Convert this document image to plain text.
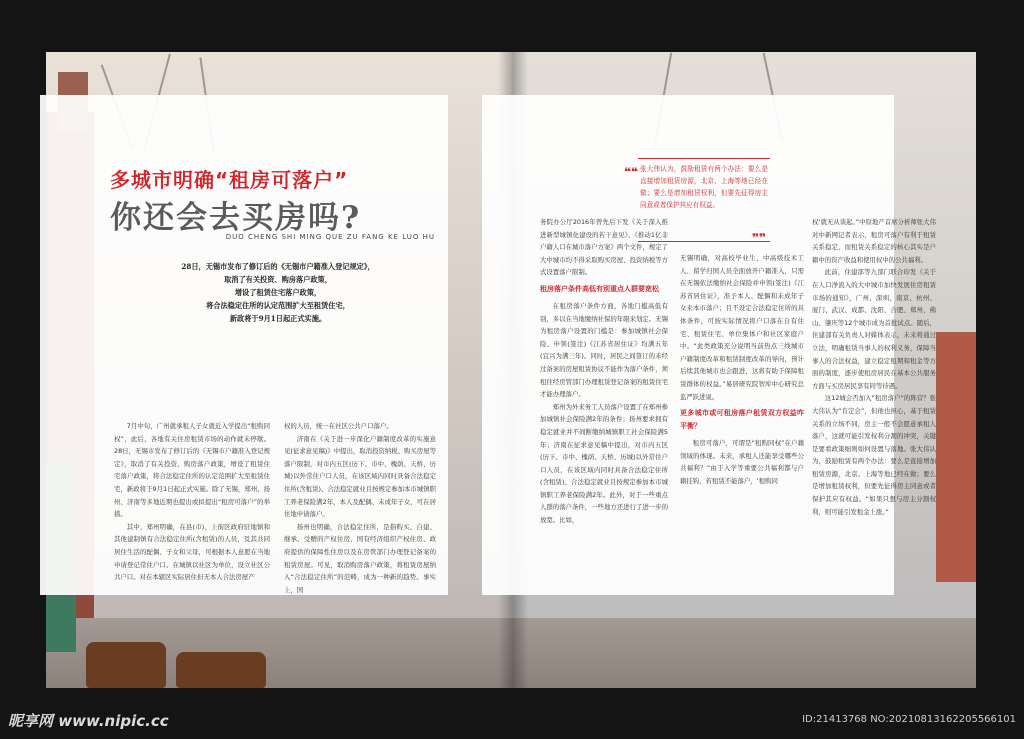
多城市明确“租房可落户”
你还会去买房吗?
DUO CHENG SHI MING QUE ZU FANG KE LUO HU
28日，无锡市发布了修订后的《无锡市户籍准入登记规定》，
取消了有关投资、购房落户政策，
增设了租赁住宅落户政策，
将合法稳定住所的认定范围扩大至租赁住宅，
新政将于9月1日起正式实施。

7月中旬，广州就承租人子女就近入学提出“租购同权”，此后，各地有关住房租赁市场的动作就未停歇。28日，无锡市发布了修订后的《无锡市户籍准入登记规定》，取消了有关投资、购房落户政策，增设了租赁住宅落户政策，将合法稳定住所的认定范围扩大至租赁住宅，新政将于9月1日起正式实施。除了无锡，郑州、扬州、济南等多地近期也提出或拟提出“租房可落户”的举措。

其中，郑州明确，在县(市)、上街区政府驻地镇和其他建制镇有合法稳定住所(含租赁)的人员，及其共同居住生活的配偶、子女和父母，可根据本人意愿在当地申请登记常住户口。在城镇以社区为单位，设立社区公共户口。对在本辖区实际居住但无本人合法房屋产

权的人员，统一在社区公共户口落户。

济南在《关于进一步深化户籍制度改革的实施意见(征求意见稿)》中提出，取消投资纳税、购买房屋等落户限制，对市内五区(历下、市中、槐荫、天桥、历城)以外常住户口人员，在该区域内同时具备合法稳定住所(含租赁)、合法稳定就业且按规定参加本市城镇职工养老保险满2年，本人及配偶、未成年子女，可在居住地申请落户。

扬州也明确，合法稳定住所，是指购买、自建、继承、受赠的产权住房、国有经济组织产权住房、政府提供的保障性住房以及在房管部门办理登记备案的租赁房屋。可见，取消购房落户政策，将租赁房屋纳入“合法稳定住所”的范畴，成为一种新的趋势。事实上，国

务院办公厅2016年曾先后下发《关于深入推进新型城镇化建设的若干意见》、《推动1亿非户籍人口在城市落户方案》两个文件，规定了大中城市均不得采取购买房屋、投资纳税等方式设置落户限制。

租房落户条件高低有别重点人群要宽松

在租房落户条件方面，各地门槛高低有别，多以在当地缴纳社保的年限来划定。无锡为租房落户设置的门槛是：参加城镇社会保险、申领(签注)《江苏省居住证》均满五年(宜兴为满三年)。同时，居民之间签订的未经过备案的房屋租赁协议不能作为落户条件，须租住经房管部门办理租赁登记备案的租赁住宅才能办理落户。

郑州为外来务工人员落户设置了在郑州参加城镇社会保险满2年的条件；扬州要求拥有稳定就业并不间断缴纳城镇职工社会保险满5年；济南在征求意见稿中提出，对市内五区(历下、市中、槐荫、天桥、历城)以外常住户口人员，在该区域内同时具备合法稳定住所(含租赁)、合法稳定就业且按规定参加本市城镇职工养老保险满2年。此外，对于一些重点人群的落户条件，一些地方还进行了进一步的放宽。比如，

张大伟认为，鼓励租赁有两个办法：要么是直接增加租赁房源，北京、上海等地已经在做；要么是增加租赁权利，但要先征得房主同意或者保护其应有权益。
❝❝
❞❞

无锡明确，对高校毕业生、中高级技术工人、留学归国人员全面放开户籍准入，只需在无锡依法缴纳社会保险并申领(签注)《江苏省居住证》，准予本人、配偶和未成年子女来本市落户；且不设定合法稳定住所的具体条件，可按实际情况将户口落在自有住宅、租赁住宅、单位集体户和社区家庭户中。“此类政策充分说明当前热点三线城市户籍制度改革和租赁制度改革的导向，预计后续其他城市也会跟进，这将有助于保障租赁群体的权益。”易居研究院智库中心研究总监严跃进说。

更多城市或可租房落户租赁双方权益咋平衡？

租房可落户，可谓是“租购同权”在户籍领域的体现。未来，承租人还能享受哪些公共福利？“由于入学等重要公共福利都与户籍挂钩，若租赁不能落户，‘租购同

权’就无从谈起。”中原地产首席分析师张大伟对中新网记者表示，租房可落户有利于租赁关系稳定，而租赁关系稳定的核心其实是户籍中的资产收益和使用权中的公共福利。

此前，住建部等九部门联合印发《关于在人口净流入的大中城市加快发展住房租赁市场的通知》，广州、深圳、南京、杭州、厦门、武汉、成都、沈阳、合肥、郑州、佛山、肇庆等12个城市成为首批试点。随后，住建部有关负责人对媒体表示，未来将通过立法，明确租赁当事人的权利义务，保障当事人的合法权益，建立稳定租期和租金等方面的制度，逐步使租房居民在基本公共服务方面与买房居民享有同等待遇。

这12城会否加入“租房落户”的阵营？张大伟认为“肯定会”，但他也担心，基于租赁关系的立场不同，房主一般不会愿意承租人落户，这就可能引发权利分割的冲突，关键是要看政策细则如何设置与落地。张大伟认为，鼓励租赁有两个办法：要么是直接增加租赁房源，北京、上海等地已经在做；要么是增加租赁权利，但要先征得房主同意或者保护其应有权益。“如果只想与房主分割权利，则可能引发租金上涨。”

昵享网 www.nipic.cc	ID:21413768 NO:20210813162205566101
